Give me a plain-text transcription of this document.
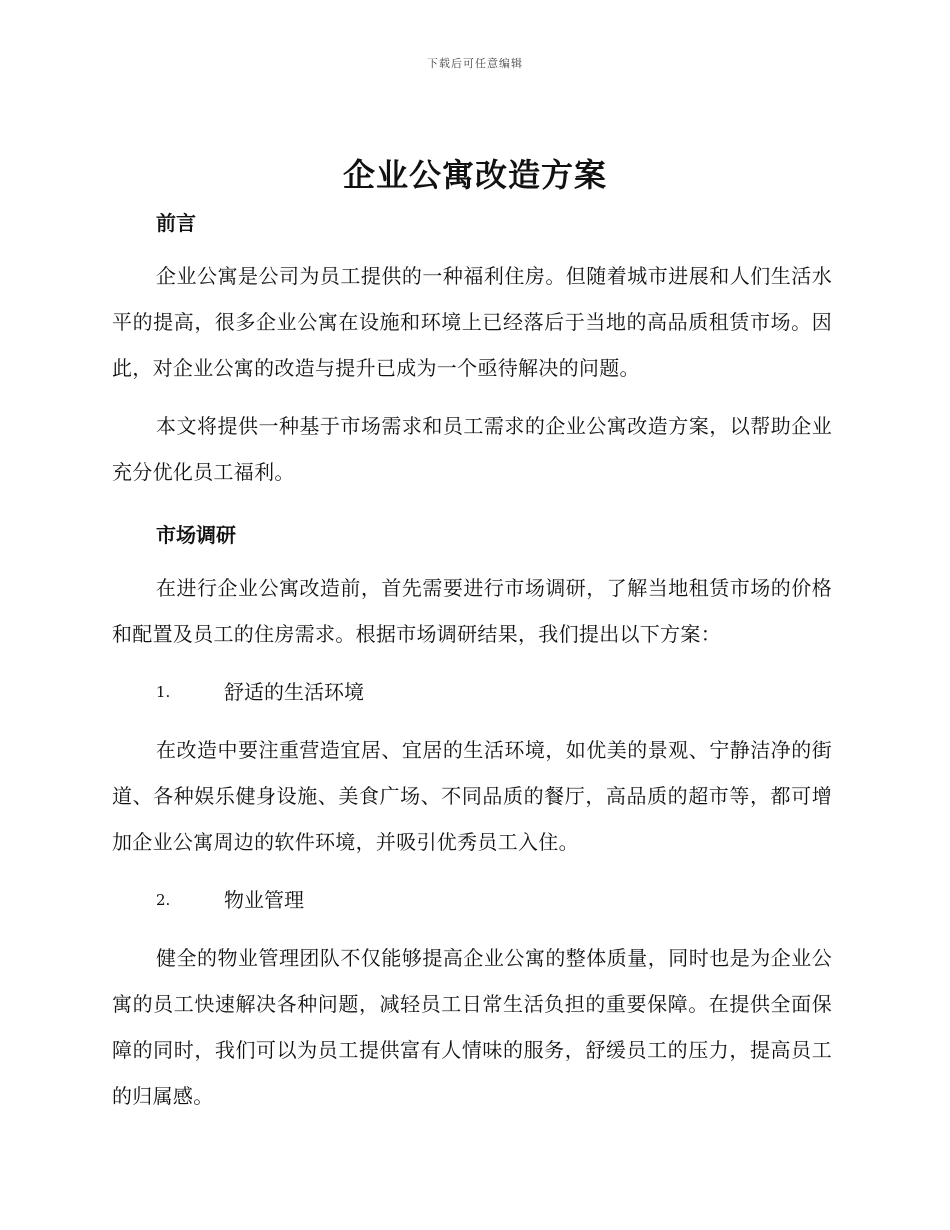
下载后可任意编辑
企业公寓改造方案
前言

企业公寓是公司为员工提供的一种福利住房。但随着城市进展和人们生活水平的提高，很多企业公寓在设施和环境上已经落后于当地的高品质租赁市场。因此，对企业公寓的改造与提升已成为一个亟待解决的问题。

本文将提供一种基于市场需求和员工需求的企业公寓改造方案，以帮助企业充分优化员工福利。

市场调研

在进行企业公寓改造前，首先需要进行市场调研，了解当地租赁市场的价格和配置及员工的住房需求。根据市场调研结果，我们提出以下方案：

1.	舒适的生活环境

在改造中要注重营造宜居、宜居的生活环境，如优美的景观、宁静洁净的街道、各种娱乐健身设施、美食广场、不同品质的餐厅，高品质的超市等，都可增加企业公寓周边的软件环境，并吸引优秀员工入住。

2.	物业管理

健全的物业管理团队不仅能够提高企业公寓的整体质量，同时也是为企业公寓的员工快速解决各种问题，减轻员工日常生活负担的重要保障。在提供全面保障的同时，我们可以为员工提供富有人情味的服务，舒缓员工的压力，提高员工的归属感。
